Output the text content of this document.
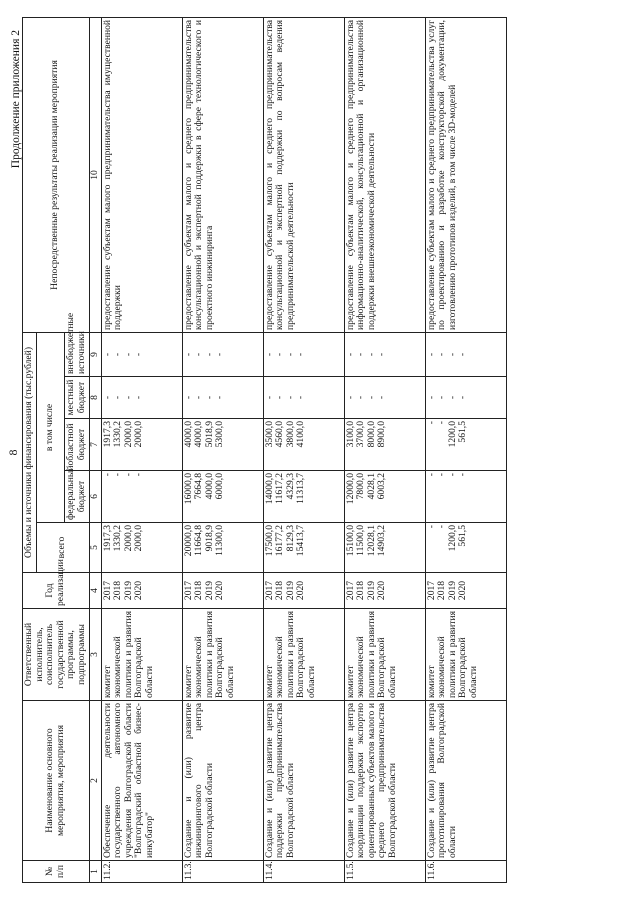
8
Продолжение приложения 2
№ п/п	Наименование основного мероприятия, мероприятия	Ответственный исполнитель, соисполнитель государственной программы, подпрограммы	Год реализации	Объемы и источники финансирования (тыс.рублей)					Непосредственные результаты реализации мероприятия
				всего	в том числе				
					федеральный бюджет	областной бюджет	местный бюджет	внебюджетные источники	
1	2	3	4	5	6	7	8	9	10
11.2.	Обеспечение деятельности государственного автономного учреждения Волгоградской области "Волгоградский областной бизнес-инкубатор"	комитет экономической политики и развития Волгоградской области	2017 2018 2019 2020	1917,3 1330,2 2000,0 2000,0	- - - -	1917,3 1330,2 2000,0 2000,0	- - - -	- - - -	предоставление субъектам малого предпринимательства имущественной поддержки
11.3.	Создание и (или) развитие инжинирингового центра Волгоградской области	комитет экономической политики и развития Волгоградской области	2017 2018 2019 2020	20000,0 11664,8 9018,9 11300,0	16000,0 7664,8 4000,0 6000,0	4000,0 4000,0 5018,9 5300,0	- - - -	- - - -	предоставление субъектам малого и среднего предпринимательства консультационной и экспертной поддержки в сфере технологического и проектного инжиниринга
11.4.	Создание и (или) развитие центра поддержки предпринимательства Волгоградской области	комитет экономической политики и развития Волгоградской области	2017 2018 2019 2020	17500,0 16177,2 8129,3 15413,7	14000,0 11617,2 4329,3 11313,7	3500,0 4560,0 3800,0 4100,0	- - - -	- - - -	предоставление субъектам малого и среднего предпринимательства консультационной и экспертной поддержки по вопросам ведения предпринимательской деятельности
11.5.	Создание и (или) развитие центра координации поддержки экспортно ориентированных субъектов малого и среднего предпринимательства Волгоградской области	комитет экономической политики и развития Волгоградской области	2017 2018 2019 2020	15100,0 11500,0 12028,1 14903,2	12000,0 7800,0 4028,1 6003,2	3100,0 3700,0 8000,0 8900,0	- - - -	- - - -	предоставление субъектам малого и среднего предпринимательства информационно-аналитической, консультационной и организационной поддержки внешнеэкономической деятельности
11.6.	Создание и (или) развитие центра прототипирования Волгоградской области	комитет экономической политики и развития Волгоградской области	2017 2018 2019 2020	- - 1200,0 561,5	- - - -	- - 1200,0 561,5	- - - -	- - - -	предоставление субъектам малого и среднего предпринимательства услуг по проектированию и разработке конструкторской документации, изготовлению прототипов изделий, в том числе 3D-моделей
